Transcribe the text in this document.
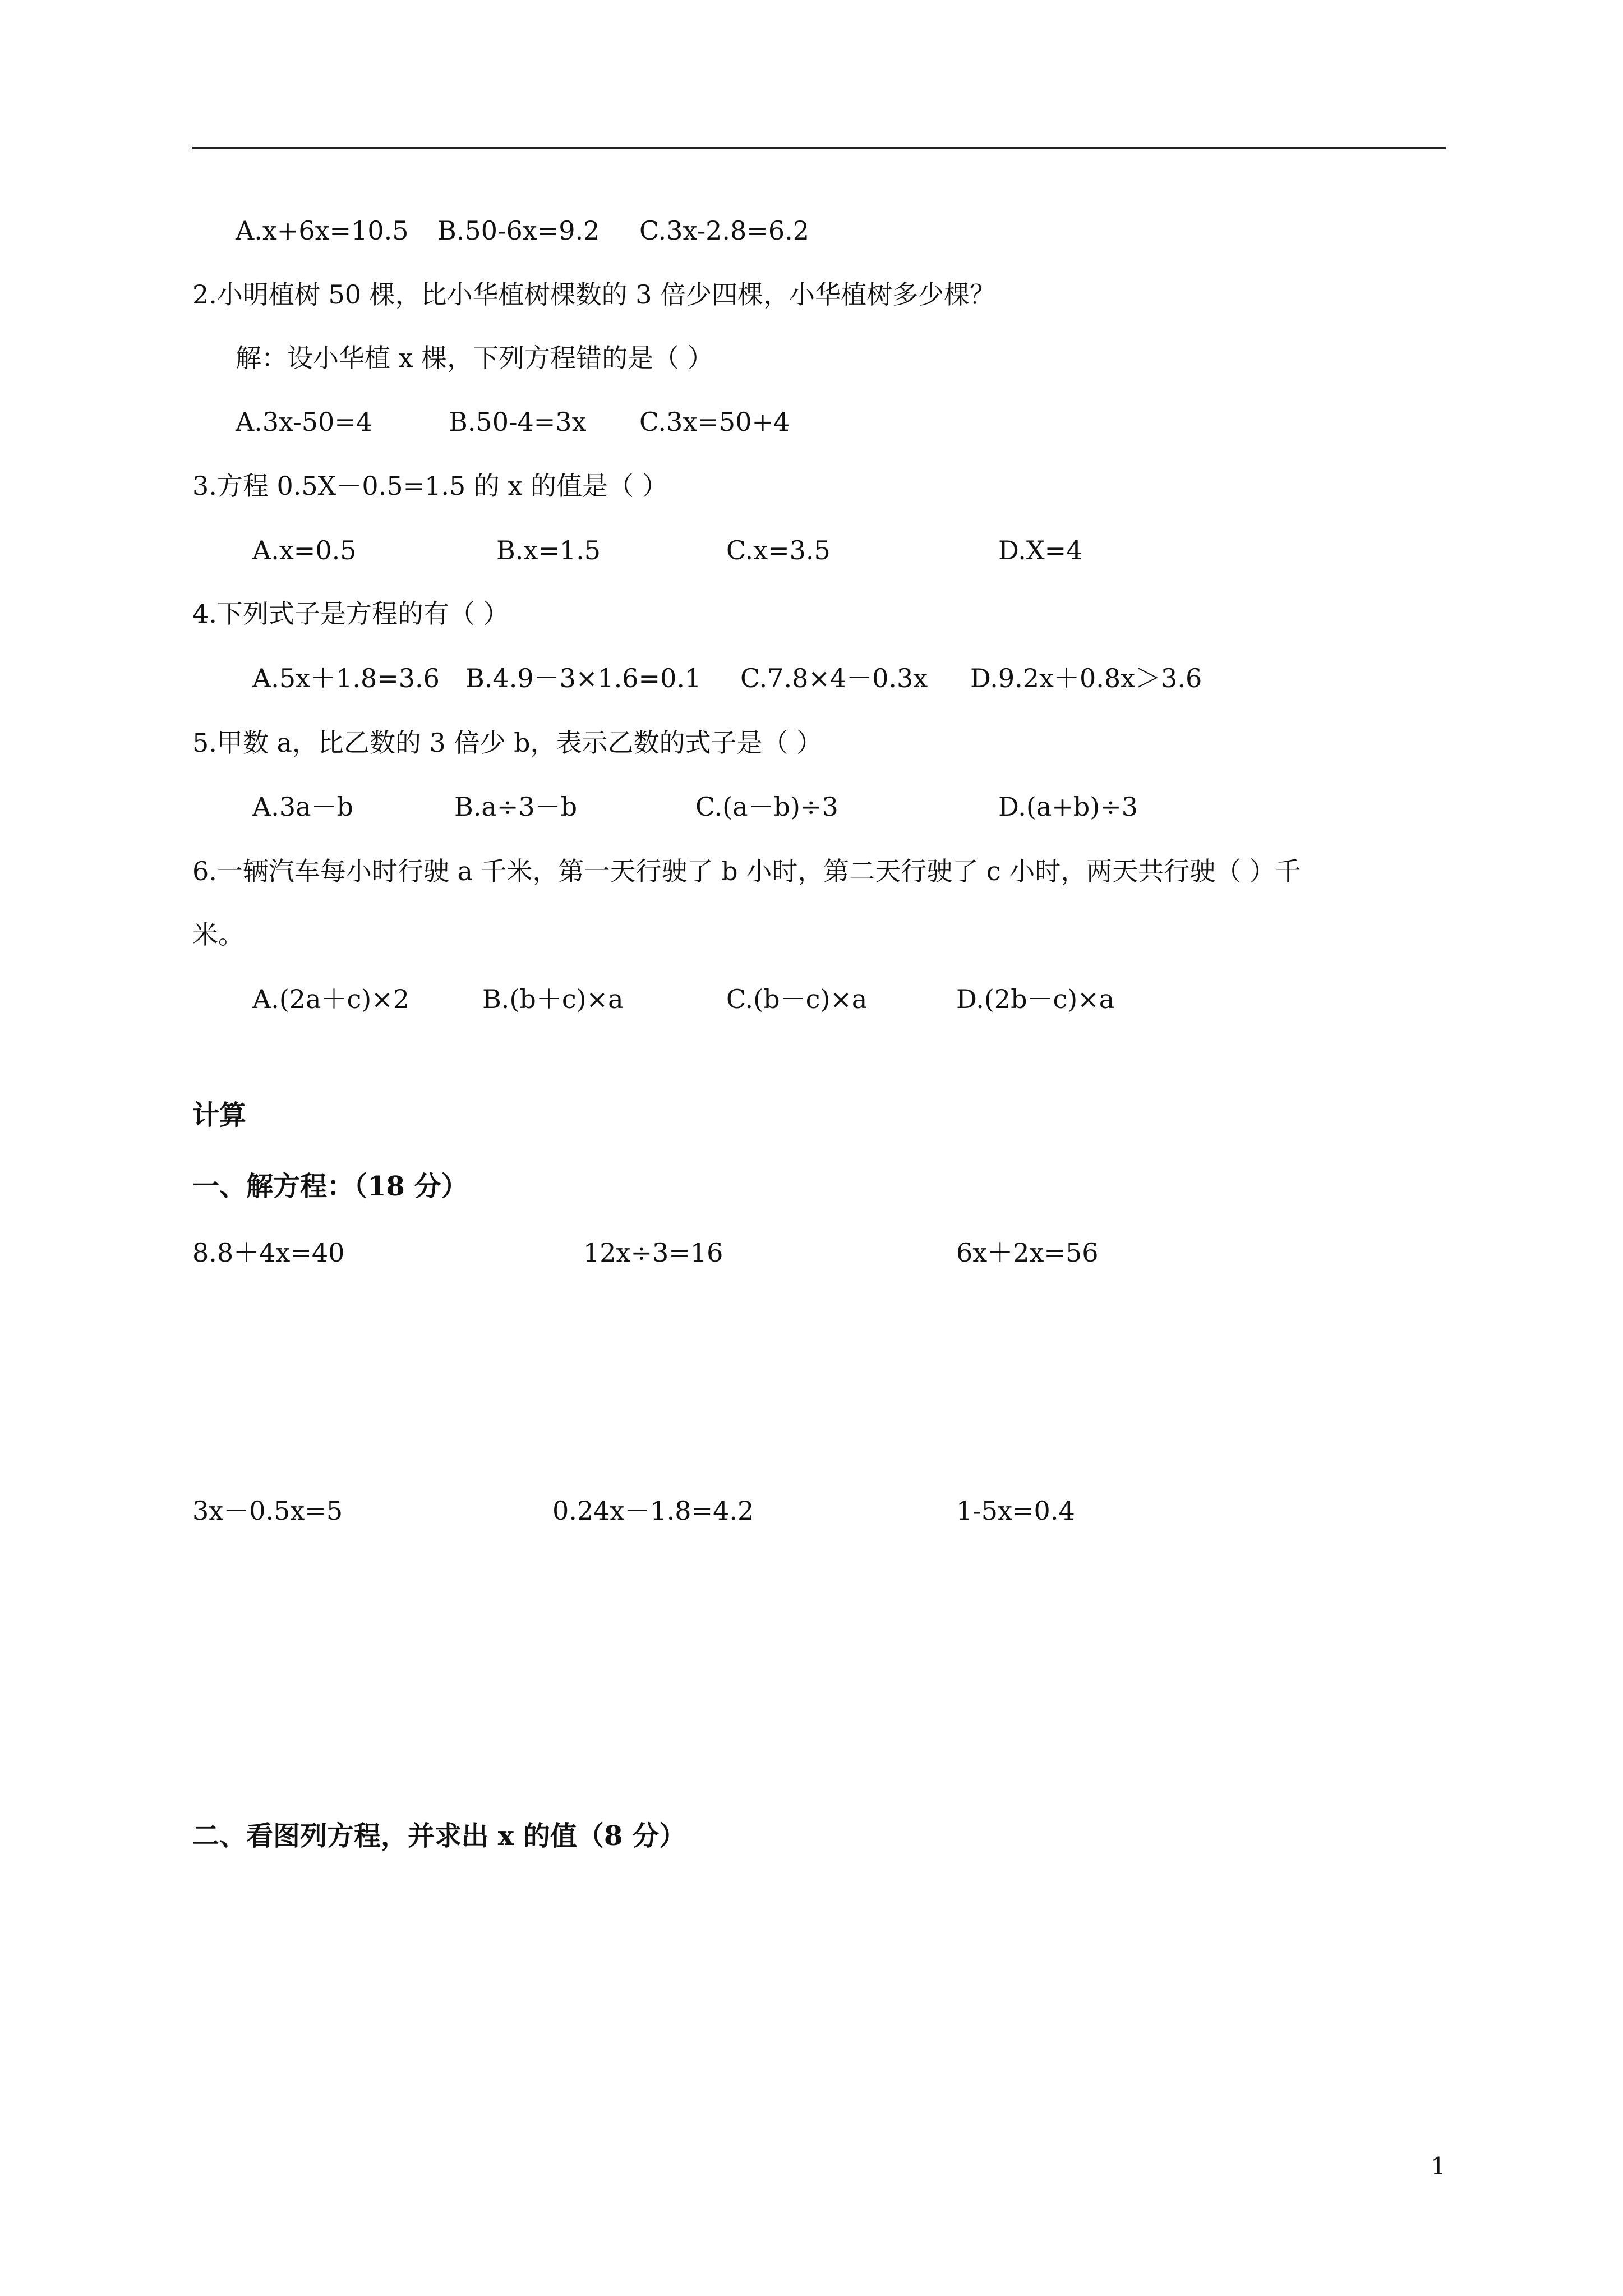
A.x+6x=10.5 B.50-6x=9.2 C.3x-2.8=6.2
2.小明植树 50 棵，比小华植树棵数的 3 倍少四棵，小华植树多少棵？
解：设小华植 x 棵，下列方程错的是（ ）
A.3x-50=4	B.50-4=3x C.3x=50+4
3.方程 0.5X－0.5=1.5 的 x 的值是（ ）
A.x=0.5	B.x=1.5	C.x=3.5	D.X=4
4.下列式子是方程的有（ ）
A.5x＋1.8=3.6 B.4.9－3×1.6=0.1 C.7.8×4－0.3x D.9.2x＋0.8x＞3.6
5.甲数 a，比乙数的 3 倍少 b，表示乙数的式子是（ ）
A.3a－b	B.a÷3－b	C.(a－b)÷3	D.(a+b)÷3
6.一辆汽车每小时行驶 a 千米，第一天行驶了 b 小时，第二天行驶了 c 小时，两天共行驶（ ）千
米。
A.(2a＋c)×2	B.(b＋c)×a	C.(b－c)×a	D.(2b－c)×a
计算
一、解方程：（18 分）
8.8＋4x=40	12x÷3=16	6x＋2x=56
3x－0.5x=5	0.24x－1.8=4.2	1-5x=0.4
二、看图列方程，并求出 x 的值（8 分）
1
